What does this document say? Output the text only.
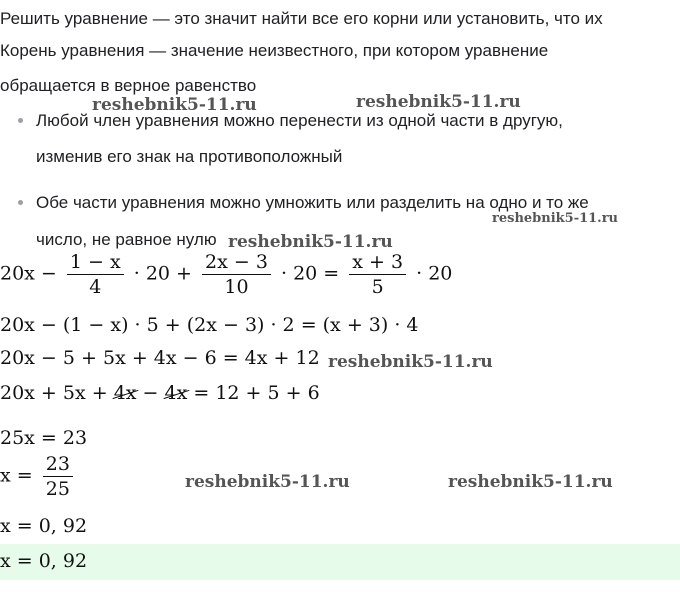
Решить уравнение — это значит найти все его корни или установить, что их
Корень уравнения — значение неизвестного, при котором уравнение
обращается в верное равенство
Любой член уравнения можно перенести из одной части в другую,
изменив его знак на противоположный
Обе части уравнения можно умножить или разделить на одно и то же
число, не равное нулю
$20x - \frac{1 - x}{4} \cdot 20 + \frac{2x - 3}{10} \cdot 20 = \frac{x + 3}{5} \cdot 20$
20x − (1 − x) · 5 + (2x − 3) · 2 = (x + 3) · 4
20x − 5 + 5x + 4x − 6 = 4x + 12
20x + 5x + 4x − 4x = 12 + 5 + 6
25x = 23
$x = \frac{23}{25}$
x = 0, 92
x = 0, 92
reshebnik5-11.ru	reshebnik5-11.ru
reshebnik5-11.ru
reshebnik5-11.ru
reshebnik5-11.ru
reshebnik5-11.ru	reshebnik5-11.ru
